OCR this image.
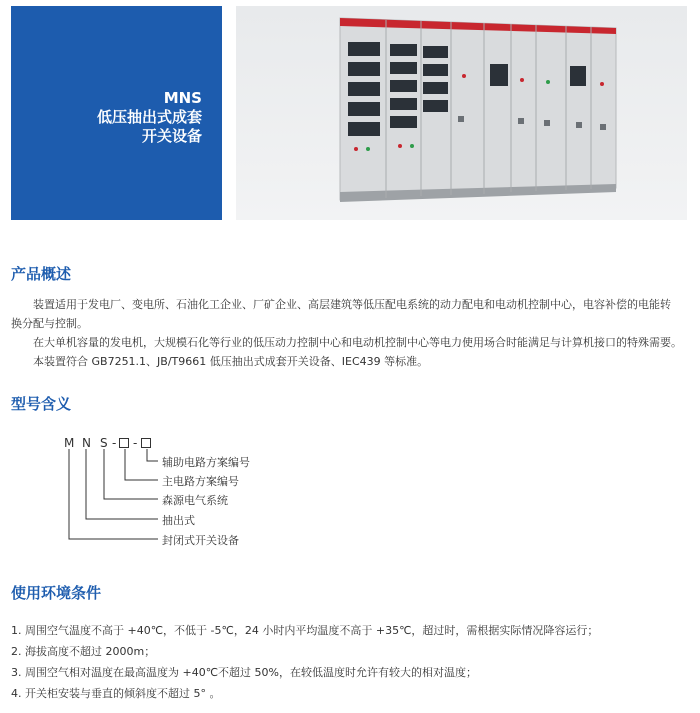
MNS
低压抽出式成套
开关设备
产品概述
装置适用于发电厂、变电所、石油化工企业、厂矿企业、高层建筑等低压配电系统的动力配电和电动机控制中心，电容补偿的电能转
换分配与控制。
在大单机容量的发电机，大规模石化等行业的低压动力控制中心和电动机控制中心等电力使用场合时能满足与计算机接口的特殊需要。
本装置符合 GB7251.1、JB/T9661 低压抽出式成套开关设备、IEC439 等标准。
型号含义
M N S - -
辅助电路方案编号
主电路方案编号
森源电气系统
抽出式
封闭式开关设备
使用环境条件
1. 周围空气温度不高于 +40℃，不低于 -5℃，24 小时内平均温度不高于 +35℃，超过时，需根据实际情况降容运行；
2. 海拔高度不超过 2000m；
3. 周围空气相对温度在最高温度为 +40℃不超过 50%，在较低温度时允许有较大的相对温度；
4. 开关柜安装与垂直的倾斜度不超过 5° 。
